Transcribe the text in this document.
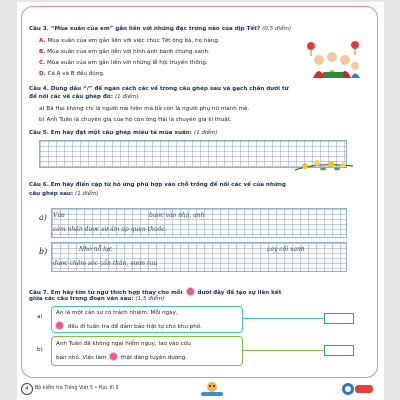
Câu 3. “Mùa xuân của em” gắn liền với những đặc trưng nào của dịp Tết? (0,5 điểm)
A. Mùa xuân của em gắn liền với việc chúc Tết ông bà, họ hàng.
B. Mùa xuân của em gắn liền với hình ảnh bánh chưng xanh.
C. Mùa xuân của em gắn liền với những lễ hội truyền thống.
D. Cả A và B đều đúng.
Câu 4. Dùng dấu “/” để ngăn cách các vế trong câu ghép sau và gạch chân dưới từ
để nối các vế câu ghép đó: (1 điểm)
a) Bà Hai không chỉ là người mẹ hiền mà bà còn là người phụ nữ mạnh mẽ.
b) Anh Tuấn là chuyên gia của hộ còn ông Hải là chuyên gia kĩ thuật.
Câu 5. Em hãy đặt một câu ghép miêu tả mùa xuân: (1 điểm)
Câu 6. Em hãy điền cặp từ hô ứng phù hợp vào chỗ trống để nối các vế của những
câu ghép sau: (1 điểm)
a) Vừa	bước vào nhà, anh
cảm nhận được sự ấm áp quen thuộc.
b)	Nhờ nỗ lực	cây cối xanh
được chăm sóc cẩn thận, vườn rau
Câu 7. Em hãy tìm từ ngữ thích hợp thay cho mỗi	dưới đây để tạo sự liên kết
giữa các câu trong đoạn văn sau: (1,5 điểm)
a)
An là một cán sự có trách nhiệm. Mỗi ngày,
đều đi tuần tra để đảm bảo trật tự cho khu phố.
b)
Anh Tuấn đã không ngại hiểm nguy, lao vào cứu
bạn nhỏ. Việc làm	thật đáng tuyên dương.
4	Bộ kiểm tra Tiếng Việt 5 • Học Kì II
